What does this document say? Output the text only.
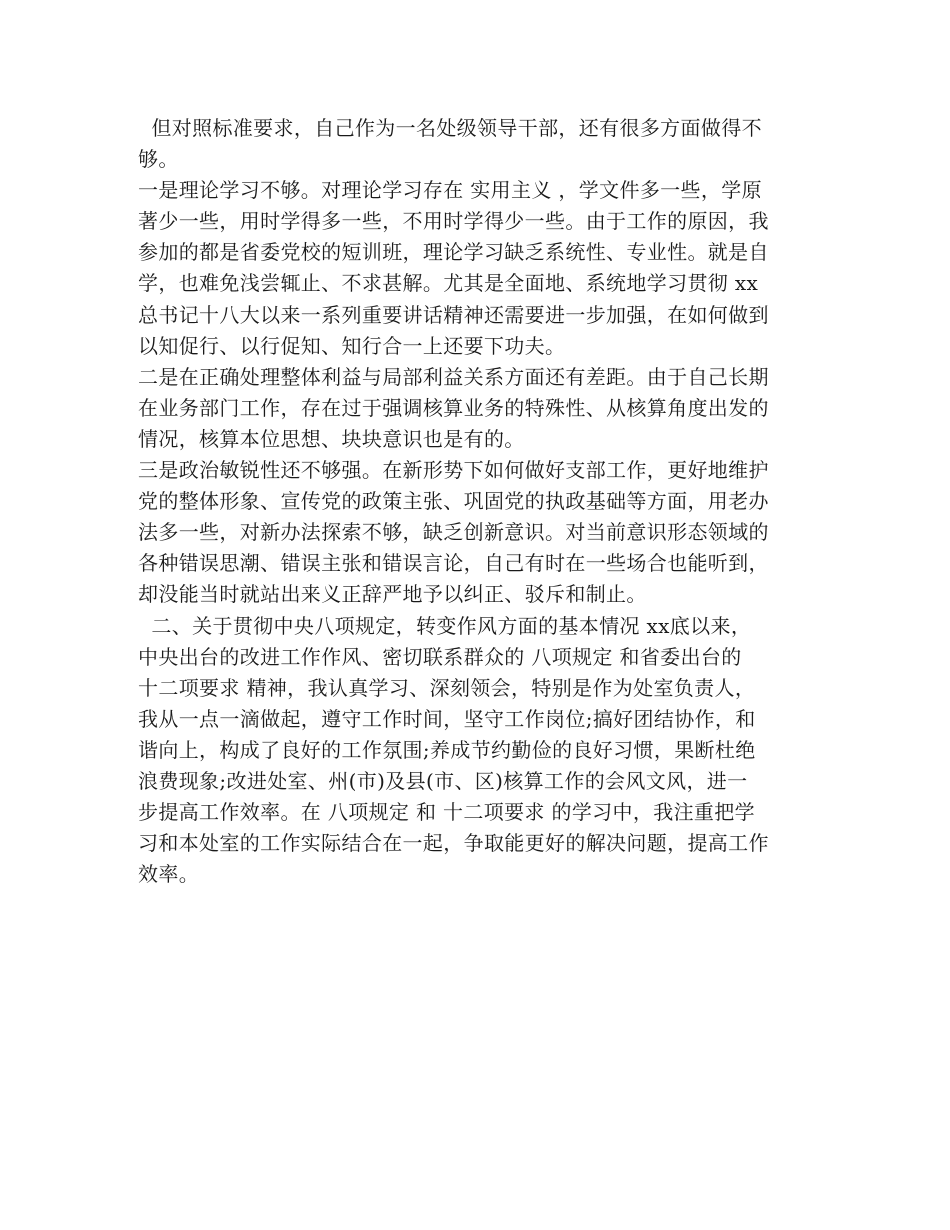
但对照标准要求，自己作为一名处级领导干部，还有很多方面做得不
够。
一是理论学习不够。对理论学习存在 实用主义 ，学文件多一些，学原
著少一些，用时学得多一些，不用时学得少一些。由于工作的原因，我
参加的都是省委党校的短训班，理论学习缺乏系统性、专业性。就是自
学，也难免浅尝辄止、不求甚解。尤其是全面地、系统地学习贯彻 xx
总书记十八大以来一系列重要讲话精神还需要进一步加强，在如何做到
以知促行、以行促知、知行合一上还要下功夫。
二是在正确处理整体利益与局部利益关系方面还有差距。由于自己长期
在业务部门工作，存在过于强调核算业务的特殊性、从核算角度出发的
情况，核算本位思想、块块意识也是有的。
三是政治敏锐性还不够强。在新形势下如何做好支部工作，更好地维护
党的整体形象、宣传党的政策主张、巩固党的执政基础等方面，用老办
法多一些，对新办法探索不够，缺乏创新意识。对当前意识形态领域的
各种错误思潮、错误主张和错误言论，自己有时在一些场合也能听到，
却没能当时就站出来义正辞严地予以纠正、驳斥和制止。
二、关于贯彻中央八项规定，转变作风方面的基本情况 xx底以来，
中央出台的改进工作作风、密切联系群众的 八项规定 和省委出台的
十二项要求 精神，我认真学习、深刻领会，特别是作为处室负责人，
我从一点一滴做起，遵守工作时间，坚守工作岗位;搞好团结协作，和
谐向上，构成了良好的工作氛围;养成节约勤俭的良好习惯，果断杜绝
浪费现象;改进处室、州(市)及县(市、区)核算工作的会风文风，进一
步提高工作效率。在 八项规定 和 十二项要求 的学习中，我注重把学
习和本处室的工作实际结合在一起，争取能更好的解决问题，提高工作
效率。
